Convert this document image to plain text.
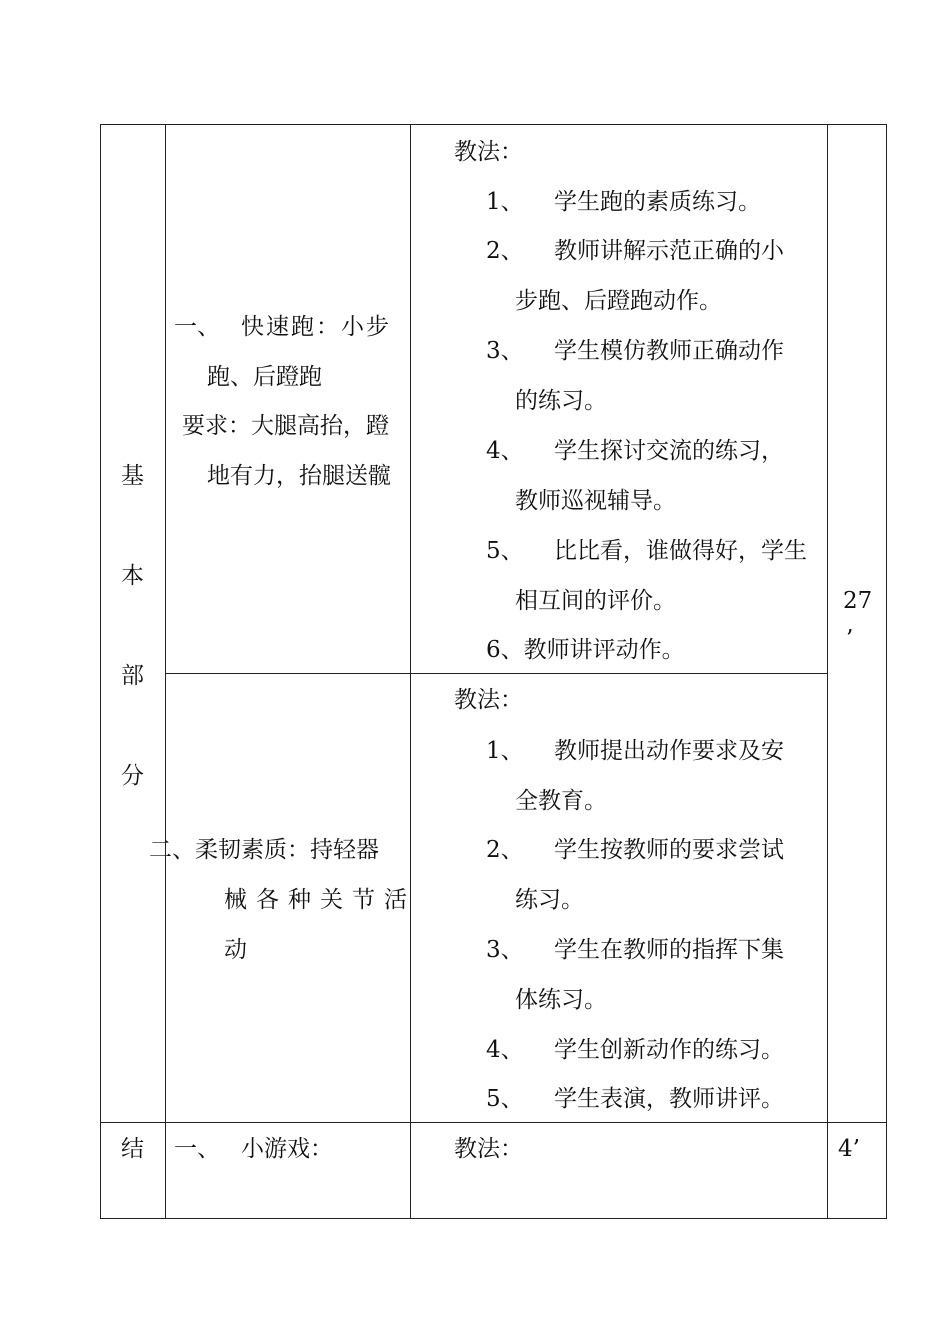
基
本
部
分
一、 快速跑：小步
跑、后蹬跑
要求：大腿高抬，蹬
地有力，抬腿送髋
教法：
1、 学生跑的素质练习。
2、 教师讲解示范正确的小
步跑、后蹬跑动作。
3、 学生模仿教师正确动作
的练习。
4、 学生探讨交流的练习，
教师巡视辅导。
5、 比比看，谁做得好，学生
相互间的评价。
6、教师讲评动作。
27
’
二、柔韧素质：持轻器
械各种关节活
动
教法：
1、 教师提出动作要求及安
全教育。
2、 学生按教师的要求尝试
练习。
3、 学生在教师的指挥下集
体练习。
4、 学生创新动作的练习。
5、 学生表演，教师讲评。
结 一、 小游戏：	教法：	4’
